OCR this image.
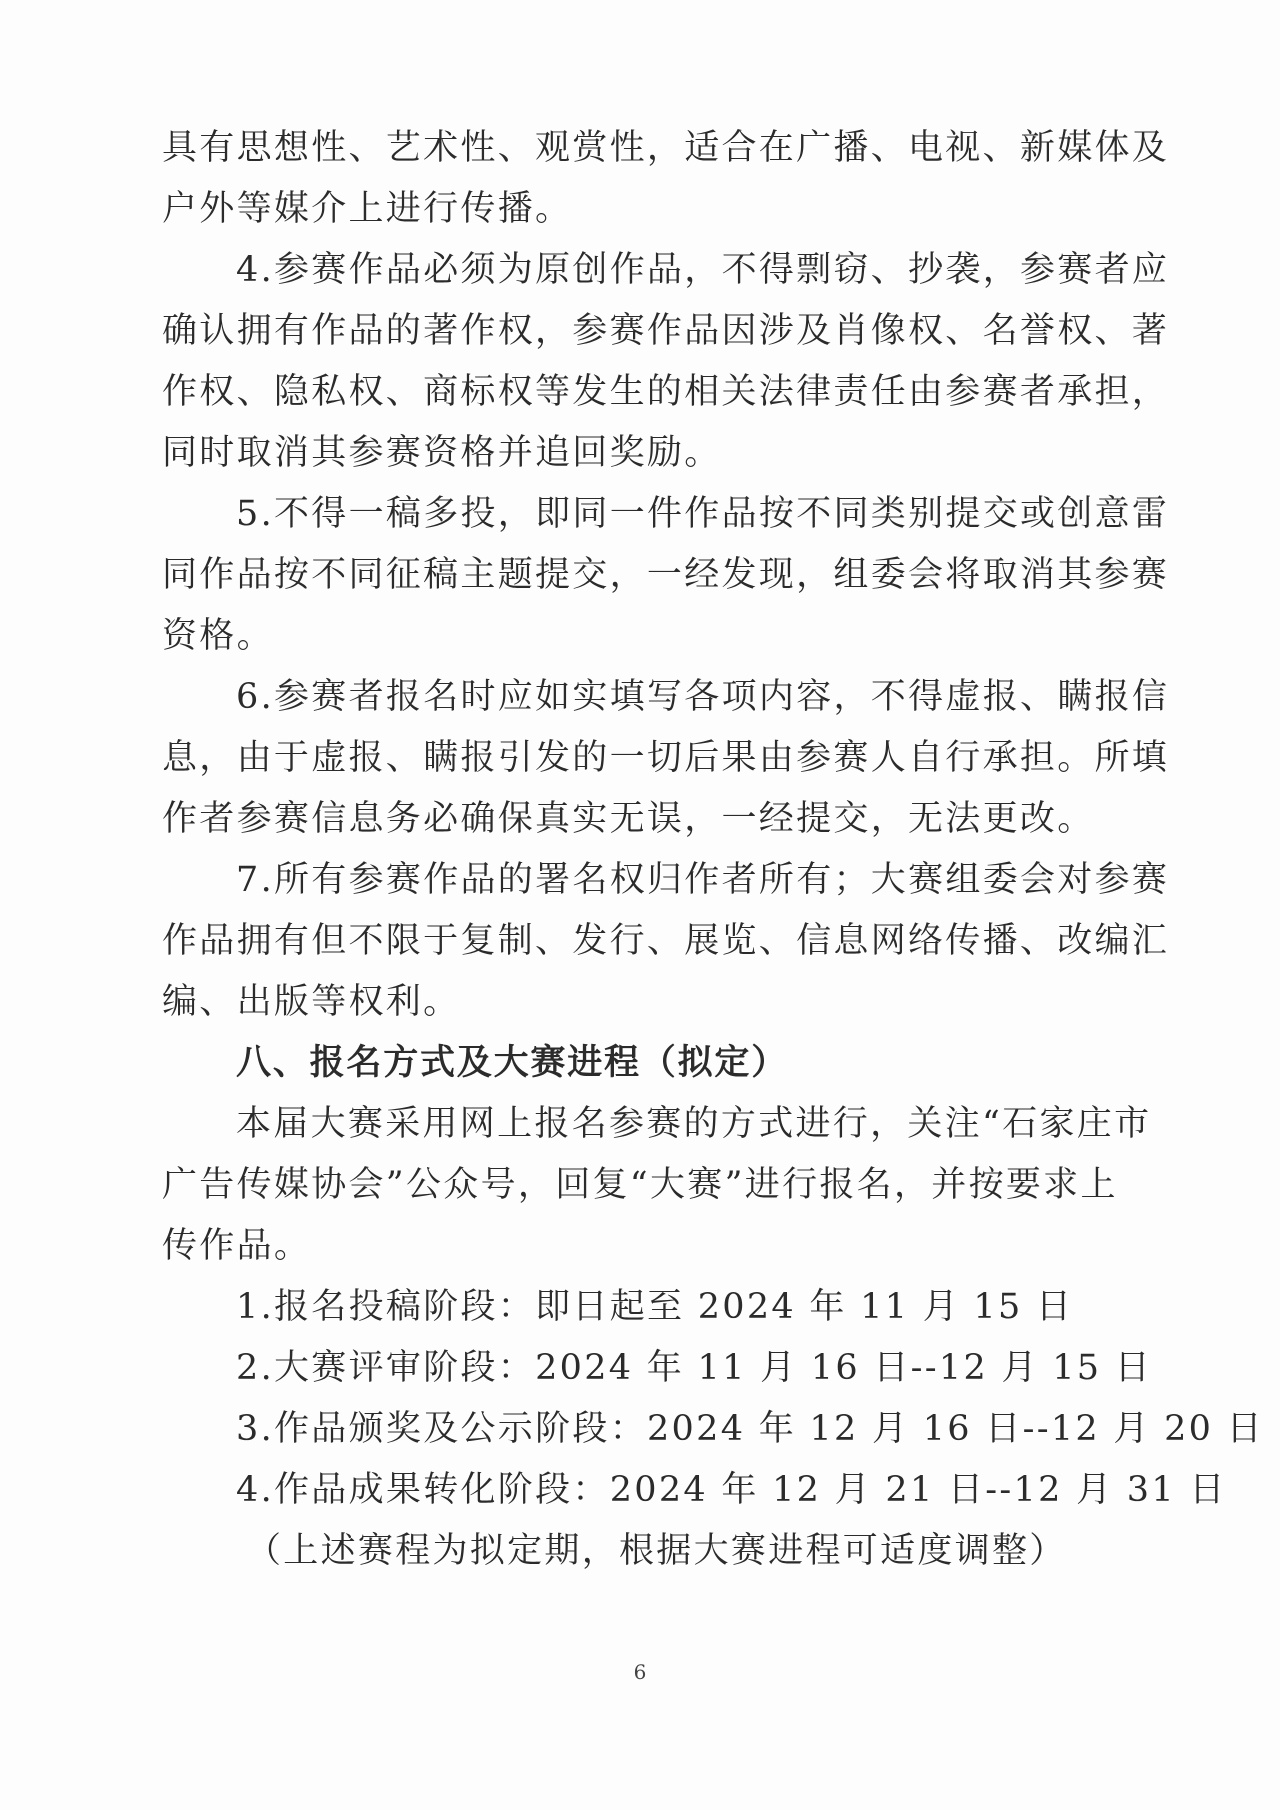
具有思想性、艺术性、观赏性，适合在广播、电视、新媒体及
户外等媒介上进行传播。
4.参赛作品必须为原创作品，不得剽窃、抄袭，参赛者应
确认拥有作品的著作权，参赛作品因涉及肖像权、名誉权、著
作权、隐私权、商标权等发生的相关法律责任由参赛者承担，
同时取消其参赛资格并追回奖励。
5.不得一稿多投，即同一件作品按不同类别提交或创意雷
同作品按不同征稿主题提交，一经发现，组委会将取消其参赛
资格。
6.参赛者报名时应如实填写各项内容，不得虚报、瞒报信
息，由于虚报、瞒报引发的一切后果由参赛人自行承担。所填
作者参赛信息务必确保真实无误，一经提交，无法更改。
7.所有参赛作品的署名权归作者所有；大赛组委会对参赛
作品拥有但不限于复制、发行、展览、信息网络传播、改编汇
编、出版等权利。
八、报名方式及大赛进程（拟定）
本届大赛采用网上报名参赛的方式进行，关注“石家庄市
广告传媒协会”公众号，回复“大赛”进行报名，并按要求上
传作品。
1.报名投稿阶段：即日起至 2024 年 11 月 15 日
2.大赛评审阶段：2024 年 11 月 16 日--12 月 15 日
3.作品颁奖及公示阶段：2024 年 12 月 16 日--12 月 20 日
4.作品成果转化阶段：2024 年 12 月 21 日--12 月 31 日
（上述赛程为拟定期，根据大赛进程可适度调整）
6
